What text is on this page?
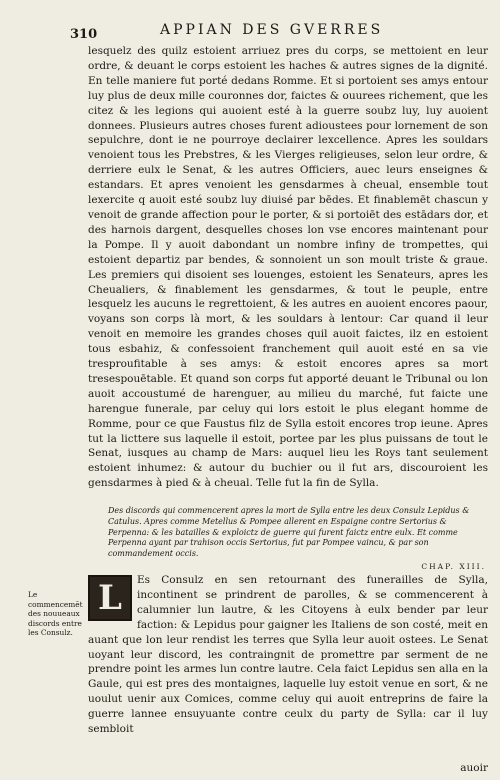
310	APPIAN DES GVERRES
lesquelz des quilz estoient arriuez pres du corps, se mettoient en leur ordre, & deuant le corps estoient les haches & autres signes de la dignité. En telle maniere fut porté dedans Romme. Et si portoient ses amys entour luy plus de deux mille couronnes dor, faictes & ouurees richement, que les citez & les legions qui auoient esté à la guerre soubz luy, luy auoient donnees. Plusieurs autres choses furent adioustees pour lornement de son sepulchre, dont ie ne pourroye declairer lexcellence. Apres les souldars venoient tous les Prebstres, & les Vierges religieuses, selon leur ordre, & derriere eulx le Senat, & les autres Officiers, auec leurs enseignes & estandars. Et apres venoient les gensdarmes à cheual, ensemble tout lexercite q auoit esté soubz luy diuisé par bēdes. Et finablemēt chascun y venoit de grande affection pour le porter, & si portoiēt des estādars dor, et des harnois dargent, desquelles choses lon vse encores maintenant pour la Pompe. Il y auoit dabondant un nombre infiny de trompettes, qui estoient departiz par bendes, & sonnoient un son moult triste & graue. Les premiers qui disoient ses louenges, estoient les Senateurs, apres les Cheualiers, & finablement les gensdarmes, & tout le peuple, entre lesquelz les aucuns le regrettoient, & les autres en auoient encores paour, voyans son corps là mort, & les souldars à lentour: Car quand il leur venoit en memoire les grandes choses quil auoit faictes, ilz en estoient tous esbahiz, & confessoient franchement quil auoit esté en sa vie tresproufitable à ses amys: & estoit encores apres sa mort tresespouētable. Et quand son corps fut apporté deuant le Tribunal ou lon auoit accoustumé de harenguer, au milieu du marché, fut faicte une harengue funerale, par celuy qui lors estoit le plus elegant homme de Romme, pour ce que Faustus filz de Sylla estoit encores trop ieune. Apres tut la licttere sus laquelle il estoit, portee par les plus puissans de tout le Senat, iusques au champ de Mars: auquel lieu les Roys tant seulement estoient inhumez: & autour du buchier ou il fut ars, discouroient les gensdarmes à pied & à cheual. Telle fut la fin de Sylla.
Des discords qui commencerent apres la mort de Sylla entre les deux Consulz Lepidus & Catulus. Apres comme Metellus & Pompee allerent en Espaigne contre Sertorius & Perpenna: & les batailles & exploictz de guerre qui furent faictz entre eulx. Et comme Perpenna ayant par trahison occis Sertorius, fut par Pompee vaincu, & par son commandement occis.
CHAP. XIII.
Le commencemēt des nouueaux discords entre les Consulz.
L	Es Consulz en sen retournant des funerailles de Sylla, incontinent se prindrent de parolles, & se commencerent à calumnier lun lautre, & les Citoyens à eulx bender par leur faction: & Lepidus pour gaigner les Italiens de son costé, meit en auant que lon leur rendist les terres que Sylla leur auoit ostees. Le Senat uoyant leur discord, les contraingnit de promettre par serment de ne prendre point les armes lun contre lautre. Cela faict Lepidus sen alla en la Gaule, qui est pres des montaignes, laquelle luy estoit venue en sort, & ne uoulut uenir aux Comices, comme celuy qui auoit entreprins de faire la guerre lannee ensuyuante contre ceulx du party de Sylla: car il luy sembloit
auoir
